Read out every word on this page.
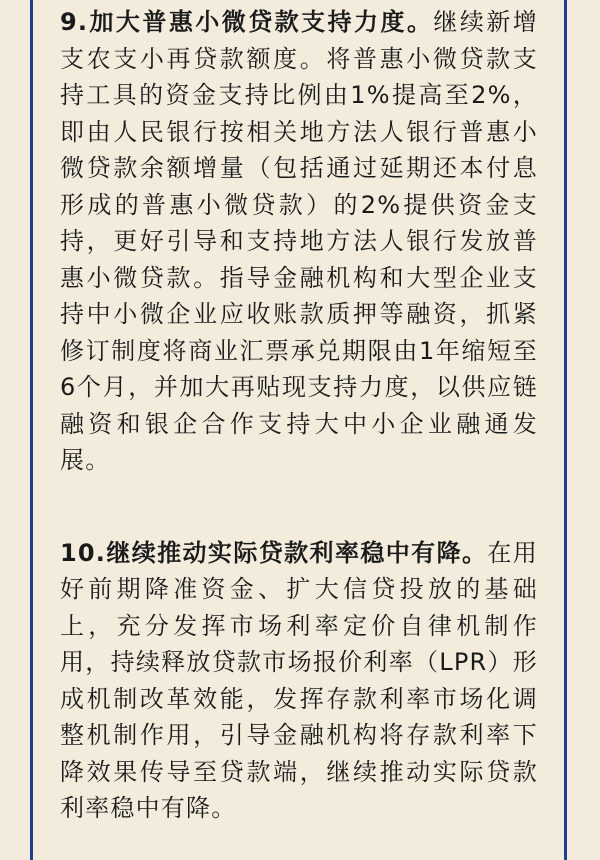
9.加大普惠小微贷款支持力度。继续新增支农支小再贷款额度。将普惠小微贷款支持工具的资金支持比例由1%提高至2%，即由人民银行按相关地方法人银行普惠小微贷款余额增量（包括通过延期还本付息形成的普惠小微贷款）的2%提供资金支持，更好引导和支持地方法人银行发放普惠小微贷款。指导金融机构和大型企业支持中小微企业应收账款质押等融资，抓紧修订制度将商业汇票承兑期限由1年缩短至6个月，并加大再贴现支持力度，以供应链融资和银企合作支持大中小企业融通发展。

10.继续推动实际贷款利率稳中有降。在用好前期降准资金、扩大信贷投放的基础上，充分发挥市场利率定价自律机制作用，持续释放贷款市场报价利率（LPR）形成机制改革效能，发挥存款利率市场化调整机制作用，引导金融机构将存款利率下降效果传导至贷款端，继续推动实际贷款利率稳中有降。
